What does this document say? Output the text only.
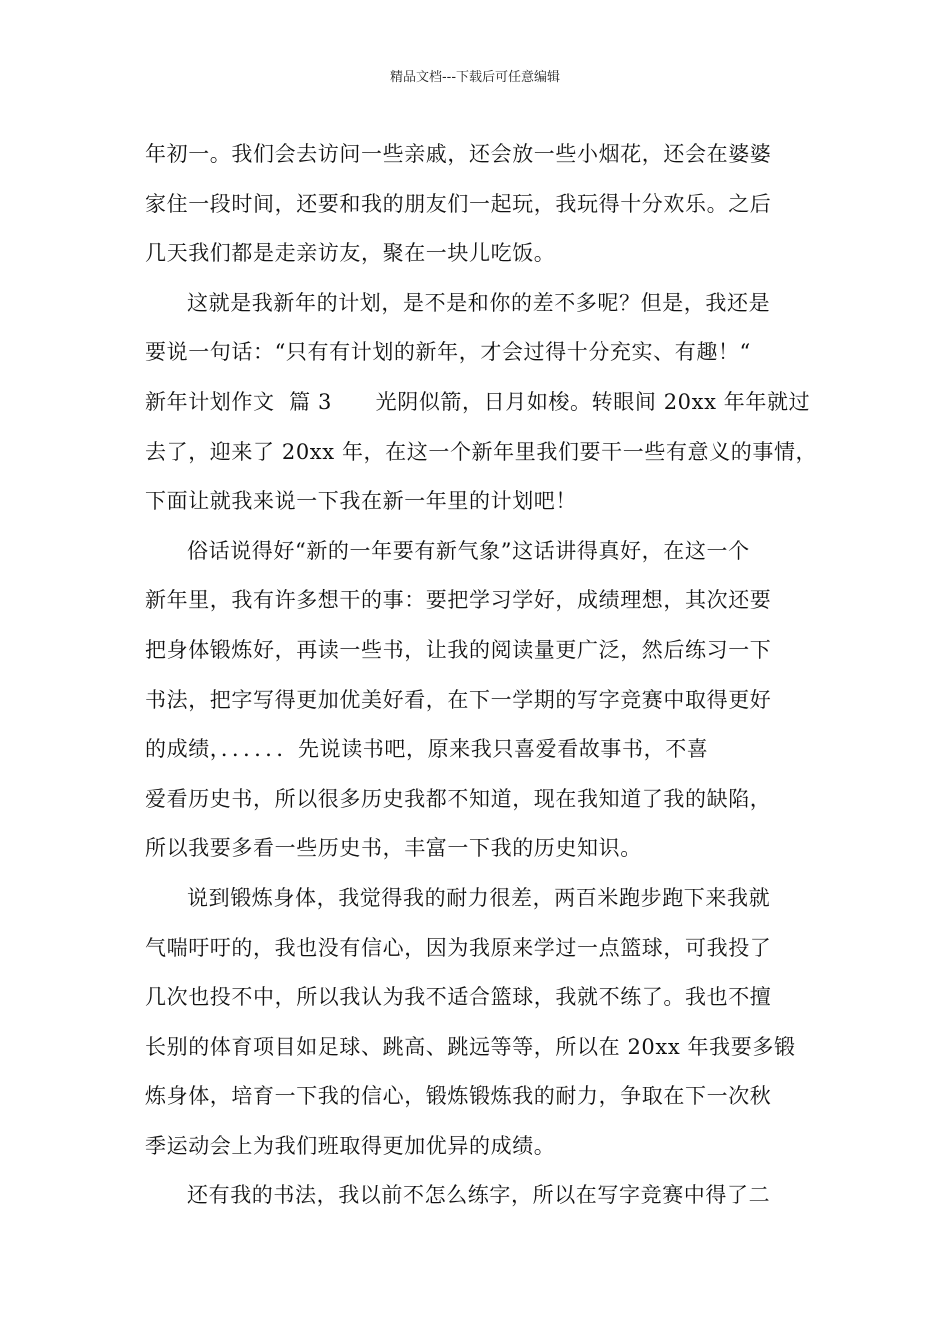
精品文档---下载后可任意编辑
年初一。我们会去访问一些亲戚，还会放一些小烟花，还会在婆婆
家住一段时间，还要和我的朋友们一起玩，我玩得十分欢乐。之后
几天我们都是走亲访友，聚在一块儿吃饭。
这就是我新年的计划，是不是和你的差不多呢？但是，我还是
要说一句话：“只有有计划的新年，才会过得十分充实、有趣！“
新年计划作文  篇 3      光阴似箭，日月如梭。转眼间 20xx 年年就过
去了，迎来了 20xx 年，在这一个新年里我们要干一些有意义的事情，
下面让就我来说一下我在新一年里的计划吧！
俗话说得好“新的一年要有新气象”这话讲得真好，在这一个
新年里，我有许多想干的事：要把学习学好，成绩理想，其次还要
把身体锻炼好，再读一些书，让我的阅读量更广泛，然后练习一下
书法，把字写得更加优美好看，在下一学期的写字竞赛中取得更好
的成绩，．．．．．．先说读书吧，原来我只喜爱看故事书，不喜
爱看历史书，所以很多历史我都不知道，现在我知道了我的缺陷，
所以我要多看一些历史书，丰富一下我的历史知识。
说到锻炼身体，我觉得我的耐力很差，两百米跑步跑下来我就
气喘吁吁的，我也没有信心，因为我原来学过一点篮球，可我投了
几次也投不中，所以我认为我不适合篮球，我就不练了。我也不擅
长别的体育项目如足球、跳高、跳远等等，所以在 20xx 年我要多锻
炼身体，培育一下我的信心，锻炼锻炼我的耐力，争取在下一次秋
季运动会上为我们班取得更加优异的成绩。
还有我的书法，我以前不怎么练字，所以在写字竞赛中得了二
